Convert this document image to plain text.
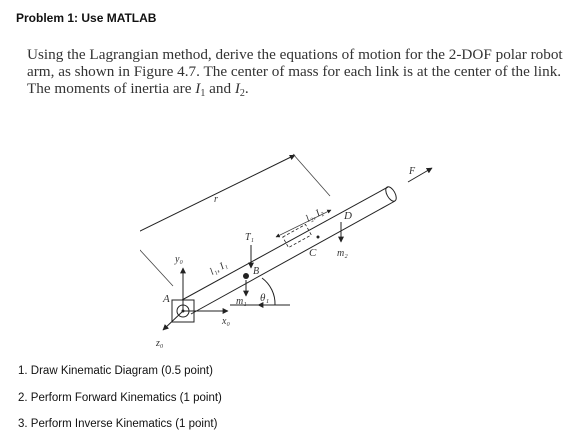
Problem 1: Use MATLAB

Using the Lagrangian method, derive the equations of motion for the 2-DOF polar robot arm, as shown in Figure 4.7. The center of mass for each link is at the center of the link. The moments of inertia are $I_1$ and $I_2$.

r
l₂, I₂ D
F
T₁
C m₂
y₀	l₁, I₁ B
A	m₁ θ₁
x₀
z₀
1. Draw Kinematic Diagram (0.5 point)
2. Perform Forward Kinematics (1 point)
3. Perform Inverse Kinematics (1 point)
